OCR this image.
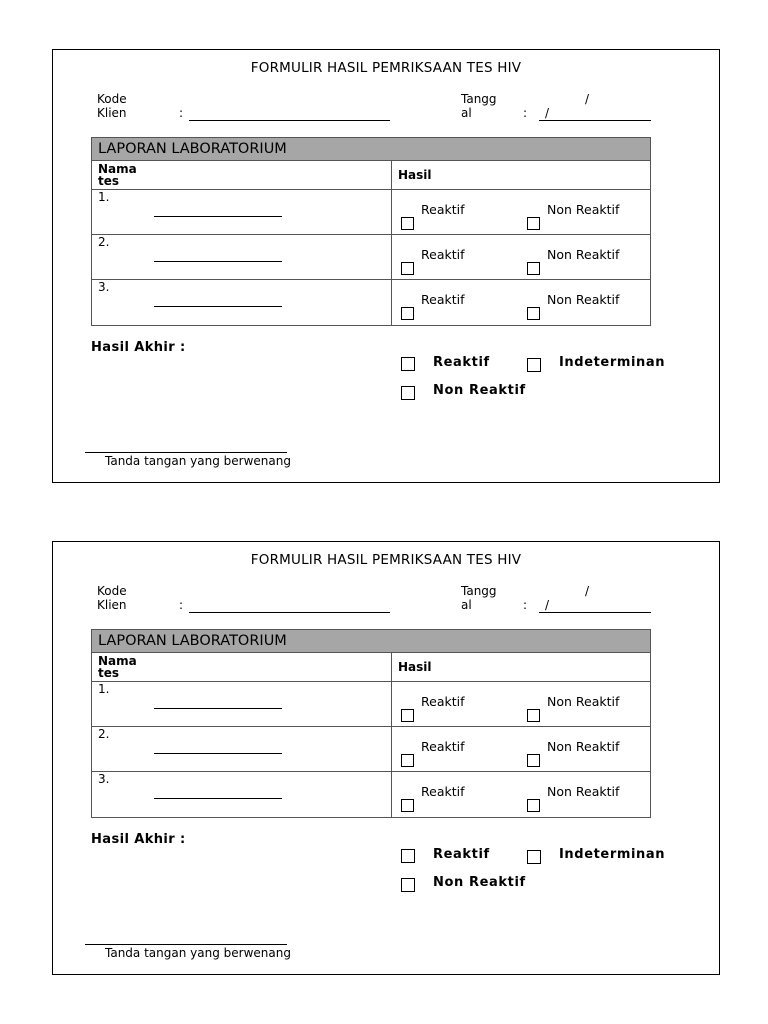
FORMULIR HASIL PEMRIKSAAN TES HIV
Kode
Klien	:
Tangg
al	:
/
/
LAPORAN LABORATORIUM
Nama
tes	Hasil
1.
Reaktif	Non Reaktif
2.
Reaktif	Non Reaktif
3.
Reaktif	Non Reaktif
Hasil Akhir :
Reaktif	Indeterminan
Non Reaktif
Tanda tangan yang berwenang
FORMULIR HASIL PEMRIKSAAN TES HIV
Kode
Klien	:
Tangg
al	:
/
/
LAPORAN LABORATORIUM
Nama
tes	Hasil
1.
Reaktif	Non Reaktif
2.
Reaktif	Non Reaktif
3.
Reaktif	Non Reaktif
Hasil Akhir :
Reaktif	Indeterminan
Non Reaktif
Tanda tangan yang berwenang
